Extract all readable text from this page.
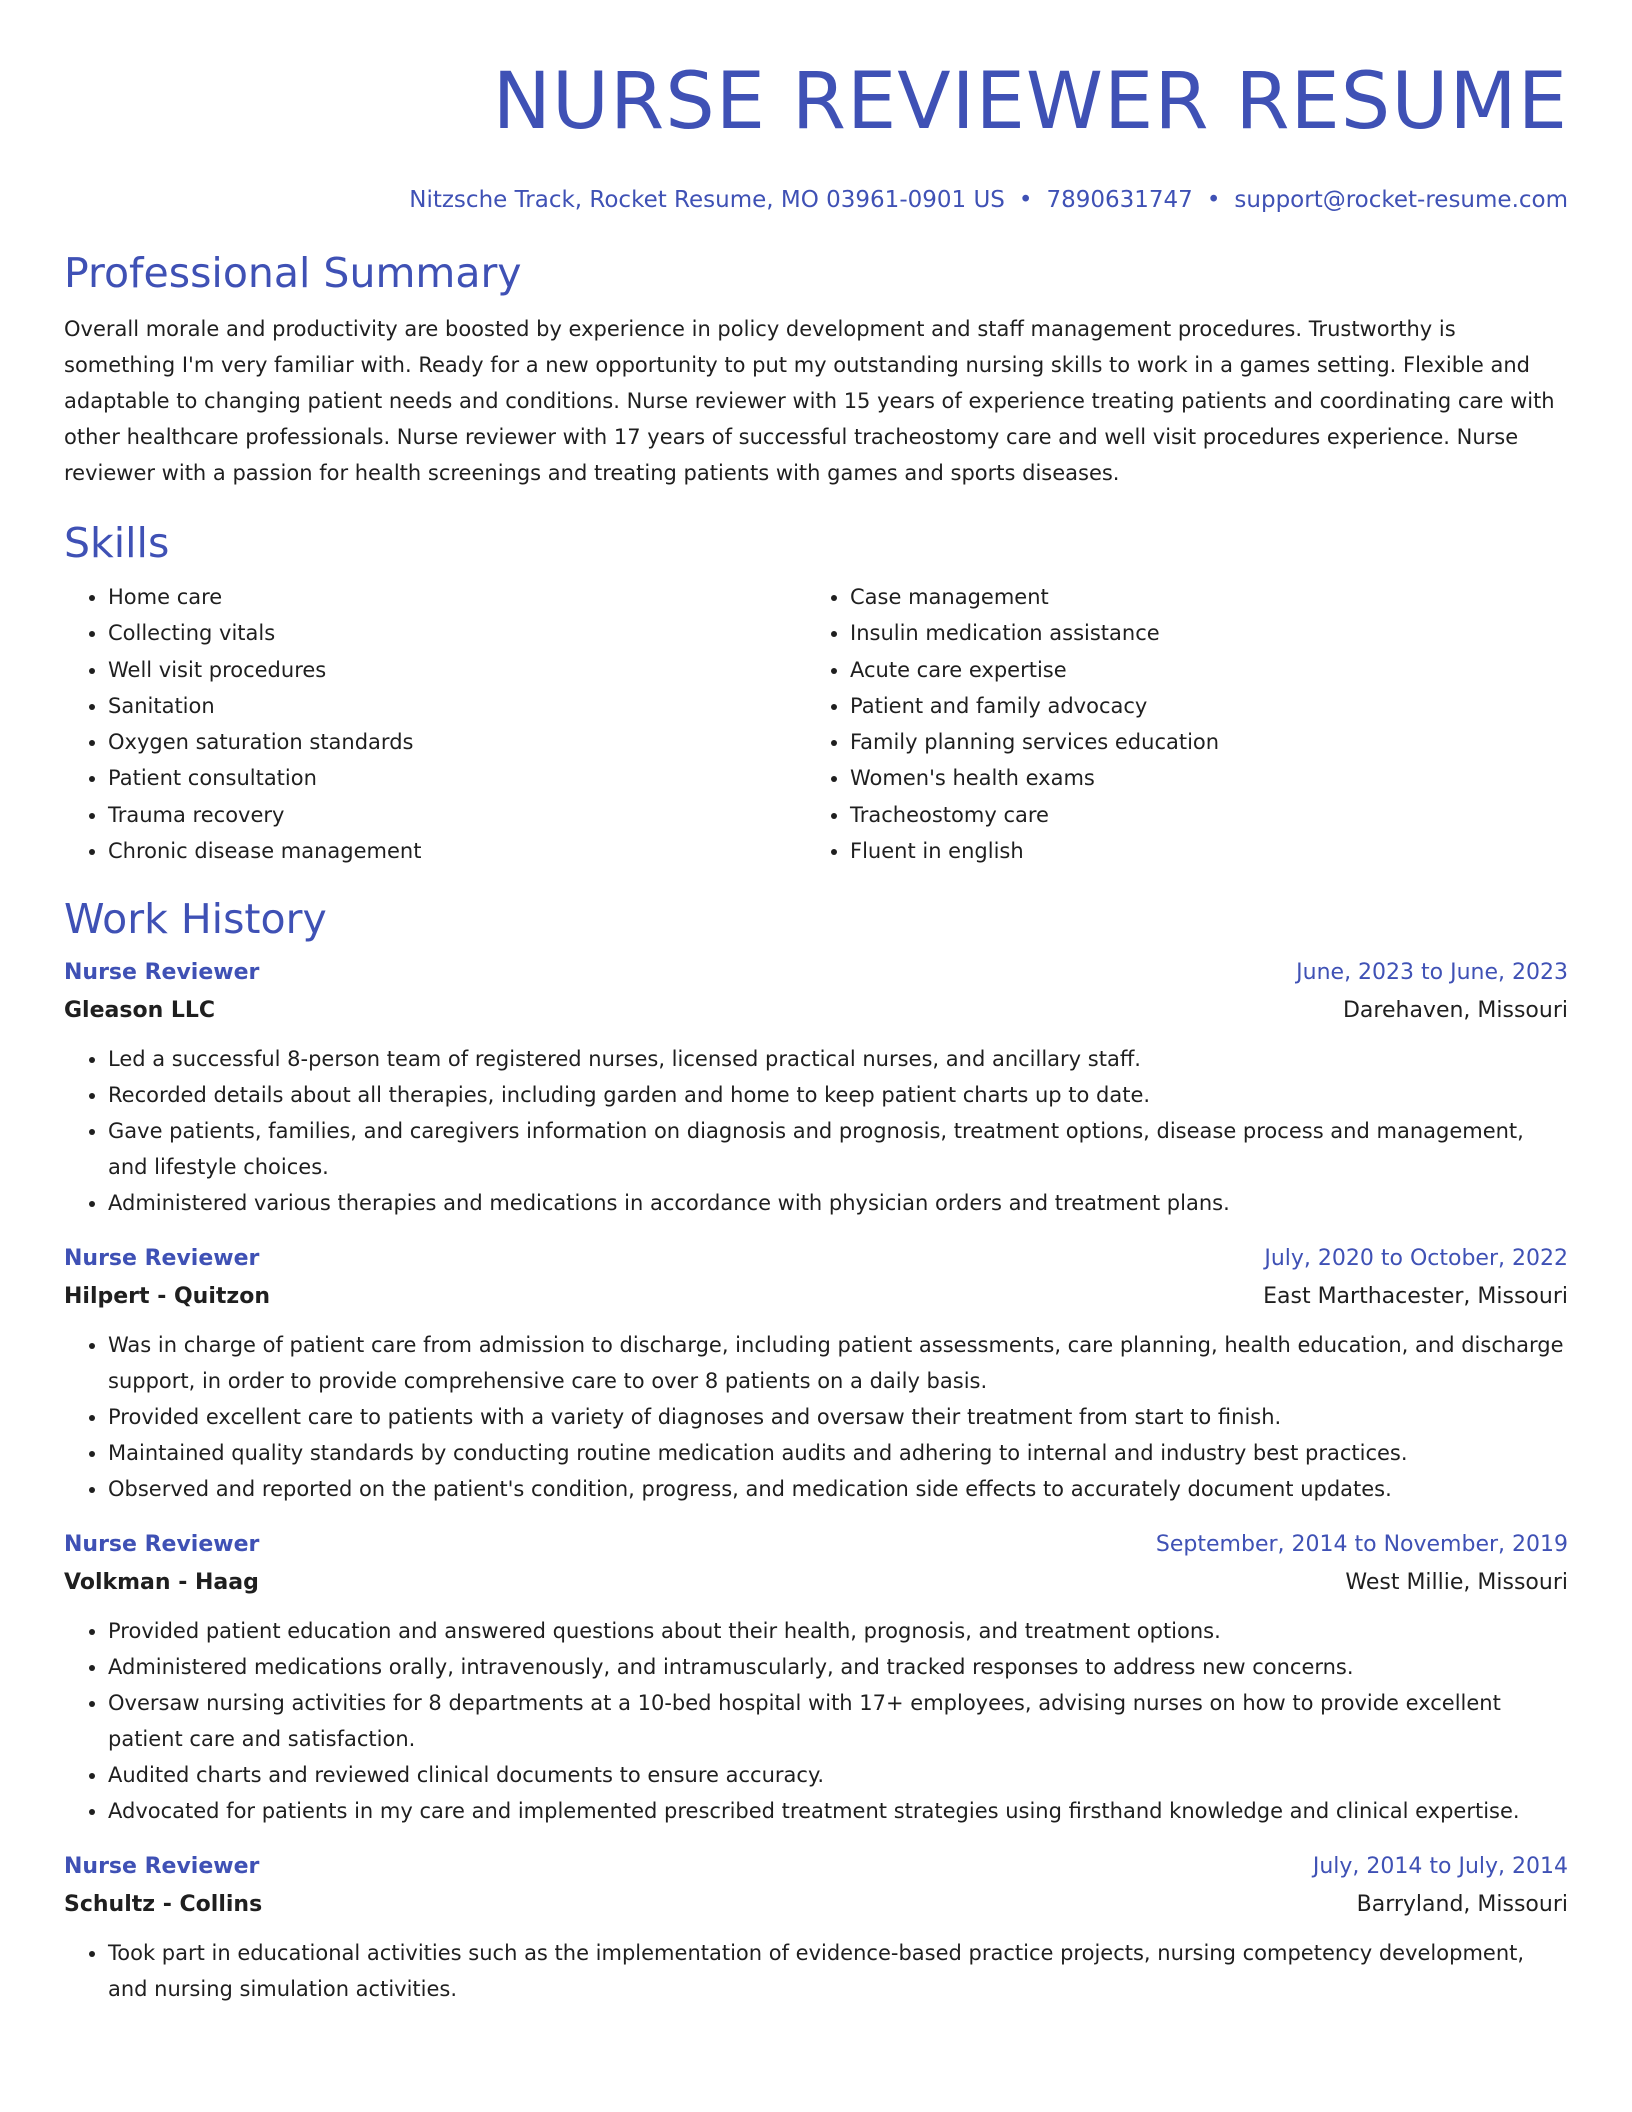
NURSE REVIEWER RESUME
Nitzsche Track, Rocket Resume, MO 03961-0901 US • 7890631747 • support@rocket-resume.com
Professional Summary

Overall morale and productivity are boosted by experience in policy development and staff management procedures. Trustworthy is something I'm very familiar with. Ready for a new opportunity to put my outstanding nursing skills to work in a games setting. Flexible and adaptable to changing patient needs and conditions. Nurse reviewer with 15 years of experience treating patients and coordinating care with other healthcare professionals. Nurse reviewer with 17 years of successful tracheostomy care and well visit procedures experience. Nurse reviewer with a passion for health screenings and treating patients with games and sports diseases.

Skills
• Home care
• Collecting vitals
• Well visit procedures
• Sanitation
• Oxygen saturation standards
• Patient consultation
• Trauma recovery
• Chronic disease management
• Case management
• Insulin medication assistance
• Acute care expertise
• Patient and family advocacy
• Family planning services education
• Women's health exams
• Tracheostomy care
• Fluent in english
Work History
Nurse Reviewer	June, 2023 to June, 2023
Gleason LLC	Darehaven, Missouri
• Led a successful 8-person team of registered nurses, licensed practical nurses, and ancillary staff.
• Recorded details about all therapies, including garden and home to keep patient charts up to date.
• Gave patients, families, and caregivers information on diagnosis and prognosis, treatment options, disease process and management, and lifestyle choices.
• Administered various therapies and medications in accordance with physician orders and treatment plans.
Nurse Reviewer	July, 2020 to October, 2022
Hilpert - Quitzon	East Marthacester, Missouri
• Was in charge of patient care from admission to discharge, including patient assessments, care planning, health education, and discharge support, in order to provide comprehensive care to over 8 patients on a daily basis.
• Provided excellent care to patients with a variety of diagnoses and oversaw their treatment from start to finish.
• Maintained quality standards by conducting routine medication audits and adhering to internal and industry best practices.
• Observed and reported on the patient's condition, progress, and medication side effects to accurately document updates.
Nurse Reviewer	September, 2014 to November, 2019
Volkman - Haag	West Millie, Missouri
• Provided patient education and answered questions about their health, prognosis, and treatment options.
• Administered medications orally, intravenously, and intramuscularly, and tracked responses to address new concerns.
• Oversaw nursing activities for 8 departments at a 10-bed hospital with 17+ employees, advising nurses on how to provide excellent patient care and satisfaction.
• Audited charts and reviewed clinical documents to ensure accuracy.
• Advocated for patients in my care and implemented prescribed treatment strategies using firsthand knowledge and clinical expertise.
Nurse Reviewer	July, 2014 to July, 2014
Schultz - Collins	Barryland, Missouri
• Took part in educational activities such as the implementation of evidence-based practice projects, nursing competency development, and nursing simulation activities.
